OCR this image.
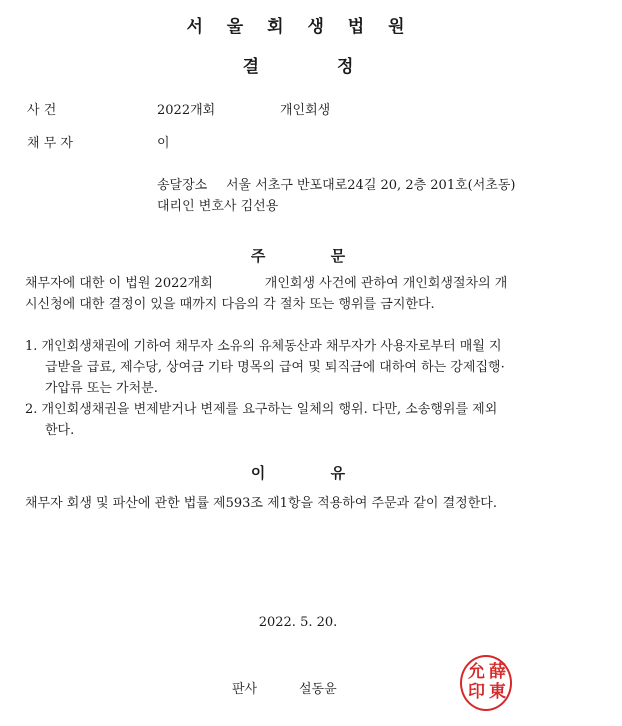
서 울 회 생 법 원
결 정
사 건	2022개회	개인회생
채 무 자	이
송달장소 서울 서초구 반포대로24길 20, 2층 201호(서초동)
대리인 변호사 김선용
주 문
채무자에 대한 이 법원 2022개회	개인회생 사건에 관하여 개인회생절차의 개
시신청에 대한 결정이 있을 때까지 다음의 각 절차 또는 행위를 금지한다.
1. 개인회생채권에 기하여 채무자 소유의 유체동산과 채무자가 사용자로부터 매월 지
급받을 급료, 제수당, 상여금 기타 명목의 급여 및 퇴직금에 대하여 하는 강제집행·
가압류 또는 가처분.
2. 개인회생채권을 변제받거나 변제를 요구하는 일체의 행위. 다만, 소송행위를 제외
한다.
이 유
채무자 회생 및 파산에 관한 법률 제593조 제1항을 적용하여 주문과 같이 결정한다.
2022. 5. 20.
판사	설동윤
薛
東
允
印
